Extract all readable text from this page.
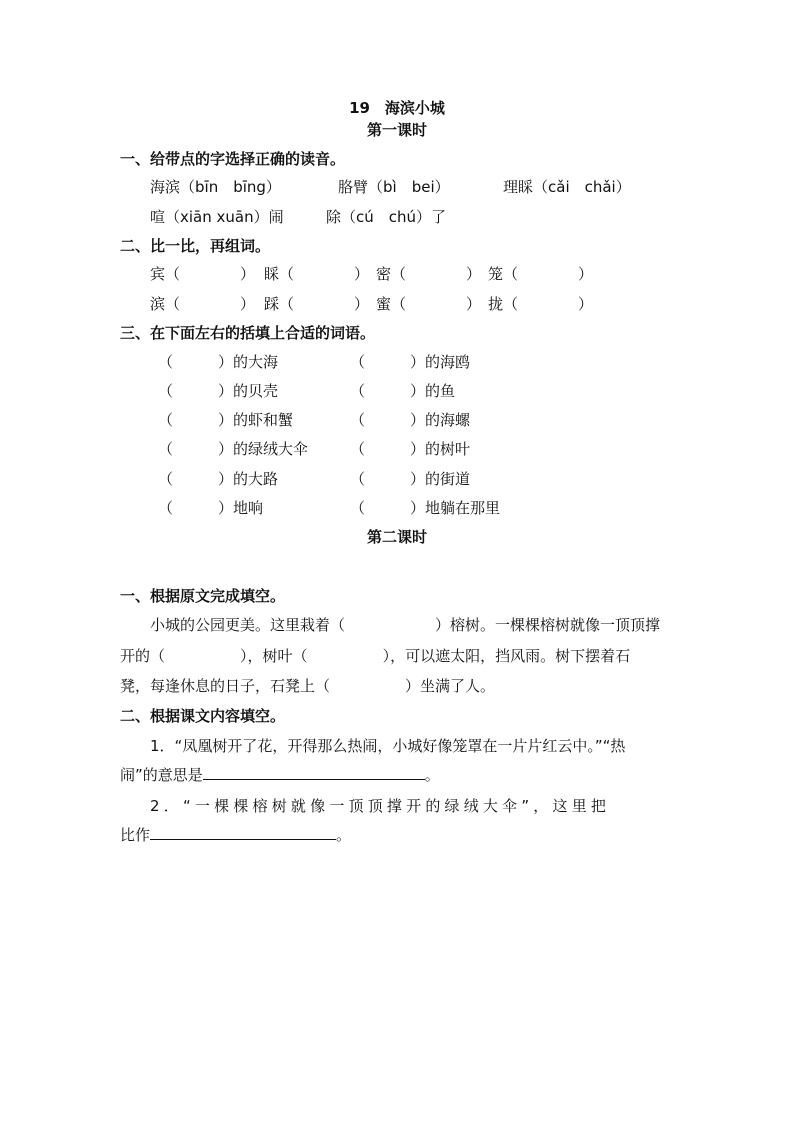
19　海滨小城
第一课时
一、给带点的字选择正确的读音。
海滨（bīn　bīng）	胳臂（bì　bei）	理睬（cǎi　chǎi）
喧（xiān xuān）闹	除（cú　chú）了
二、比一比，再组词。
宾（　　　　） 睬（　　　　） 密（　　　　） 笼（　　　　）
滨（　　　　） 踩（　　　　） 蜜（　　　　） 拢（　　　　）
三、在下面左右的括填上合适的词语。
（　　　）的大海	（　　　）的海鸥
（　　　）的贝壳	（　　　）的鱼
（　　　）的虾和蟹	（　　　）的海螺
（　　　）的绿绒大伞	（　　　）的树叶
（　　　）的大路	（　　　）的街道
（　　　）地响	（　　　）地躺在那里
第二课时
一、根据原文完成填空。
小城的公园更美。这里栽着（　　　　　　	）榕树。一棵棵榕树就像一顶顶撑
开的（　　　　　	），树叶（　　　　　	），可以遮太阳，挡风雨。树下摆着石
凳，每逢休息的日子，石凳上（　　　　　	）坐满了人。
二、根据课文内容填空。
1．“凤凰树开了花，开得那么热闹，小城好像笼罩在一片片红云中。”“热
闹”的意思是	。
2．“一棵棵榕树就像一顶顶撑开的绿绒大伞”，这里把
比作	。
